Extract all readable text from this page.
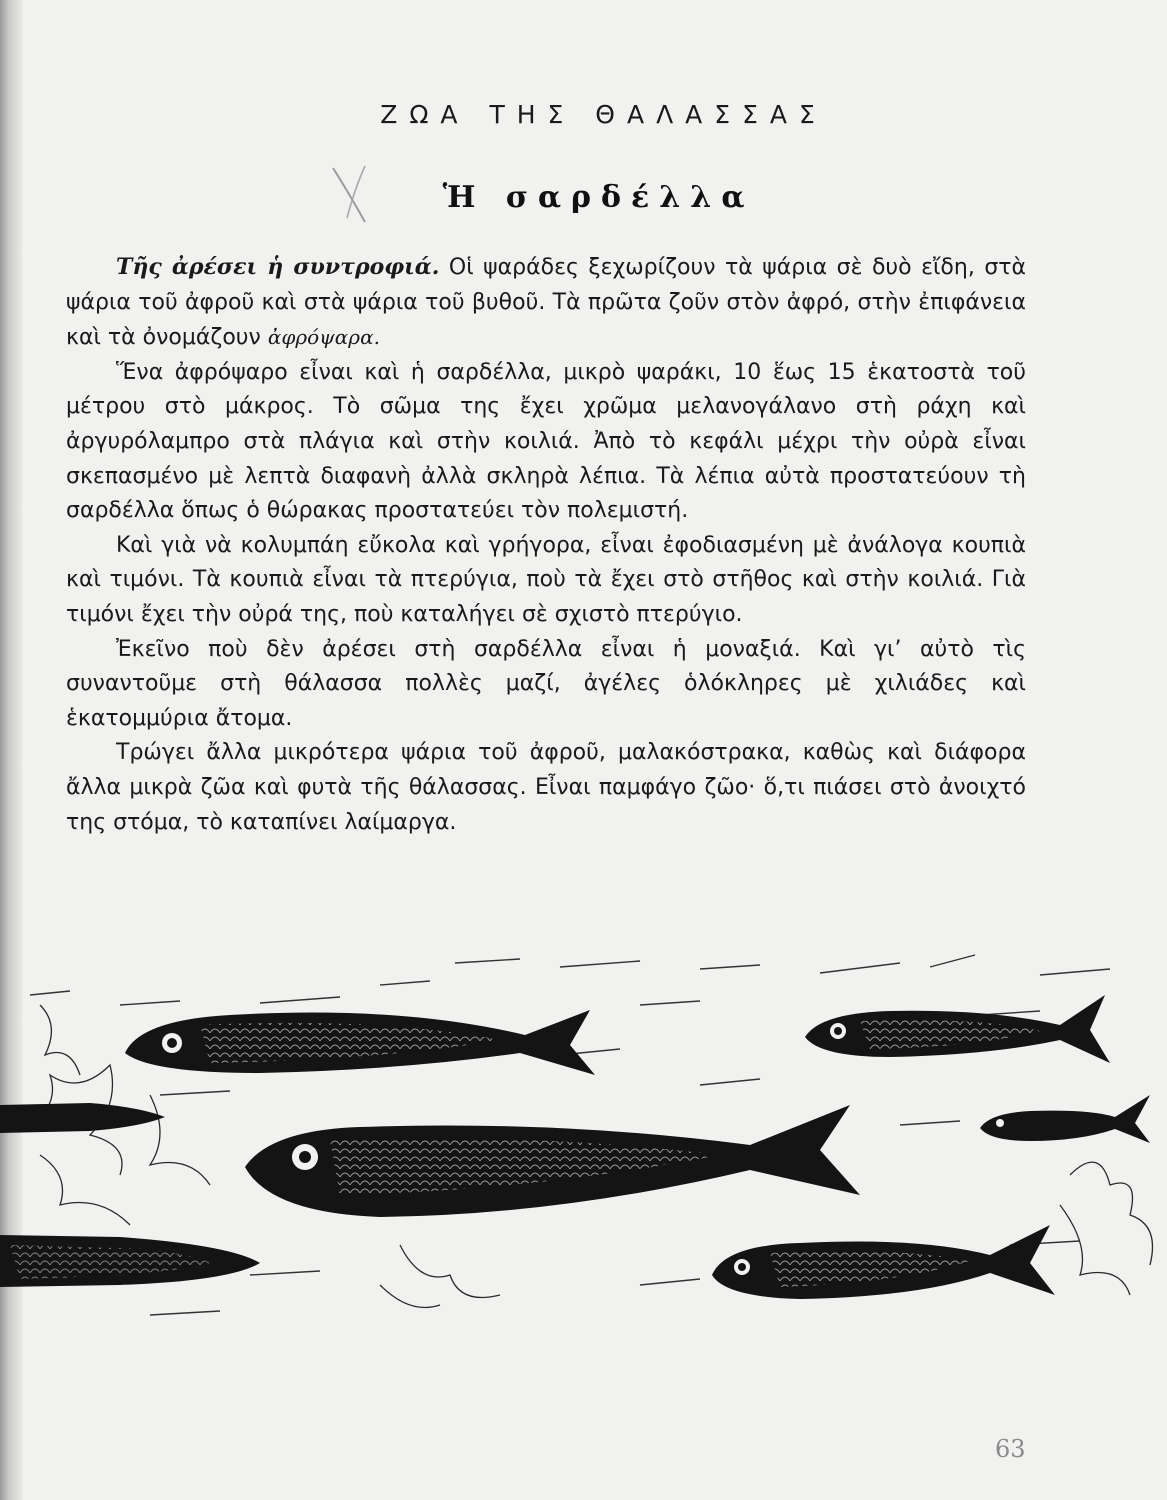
ΖΩΑ ΤΗΣ ΘΑΛΑΣΣΑΣ
Ἡ σαρδέλλα

Τῆς ἀρέσει ἡ συντροφιά. Οἱ ψαράδες ξεχωρίζουν τὰ ψάρια σὲ δυὸ εἴδη, στὰ ψάρια τοῦ ἀφροῦ καὶ στὰ ψάρια τοῦ βυθοῦ. Τὰ πρῶτα ζοῦν στὸν ἀφρό, στὴν ἐπιφάνεια καὶ τὰ ὀνομάζουν ἀφρόψαρα.

Ἕνα ἀφρόψαρο εἶναι καὶ ἡ σαρδέλλα, μικρὸ ψαράκι, 10 ἕως 15 ἑκατοστὰ τοῦ μέτρου στὸ μάκρος. Τὸ σῶμα της ἔχει χρῶμα μελανογάλανο στὴ ράχη καὶ ἀργυρόλαμπρο στὰ πλάγια καὶ στὴν κοιλιά. Ἀπὸ τὸ κεφάλι μέχρι τὴν οὐρὰ εἶναι σκεπασμένο μὲ λεπτὰ διαφανὴ ἀλλὰ σκληρὰ λέπια. Τὰ λέπια αὐτὰ προστατεύουν τὴ σαρδέλλα ὅπως ὁ θώρακας προστατεύει τὸν πολεμιστή.

Καὶ γιὰ νὰ κολυμπάη εὔκολα καὶ γρήγορα, εἶναι ἐφοδιασμένη μὲ ἀνάλογα κουπιὰ καὶ τιμόνι. Τὰ κουπιὰ εἶναι τὰ πτερύγια, ποὺ τὰ ἔχει στὸ στῆθος καὶ στὴν κοιλιά. Γιὰ τιμόνι ἔχει τὴν οὐρά της, ποὺ καταλήγει σὲ σχιστὸ πτερύγιο.

Ἐκεῖνο ποὺ δὲν ἀρέσει στὴ σαρδέλλα εἶναι ἡ μοναξιά. Καὶ γι’ αὐτὸ τὶς συναντοῦμε στὴ θάλασσα πολλὲς μαζί, ἀγέλες ὁλόκληρες μὲ χιλιάδες καὶ ἑκατομμύρια ἄτομα.

Τρώγει ἄλλα μικρότερα ψάρια τοῦ ἀφροῦ, μαλακόστρακα, καθὼς καὶ διάφορα ἄλλα μικρὰ ζῶα καὶ φυτὰ τῆς θάλασσας. Εἶναι παμφάγο ζῶο· ὅ,τι πιάσει στὸ ἀνοιχτό της στόμα, τὸ καταπίνει λαίμαργα.

63
